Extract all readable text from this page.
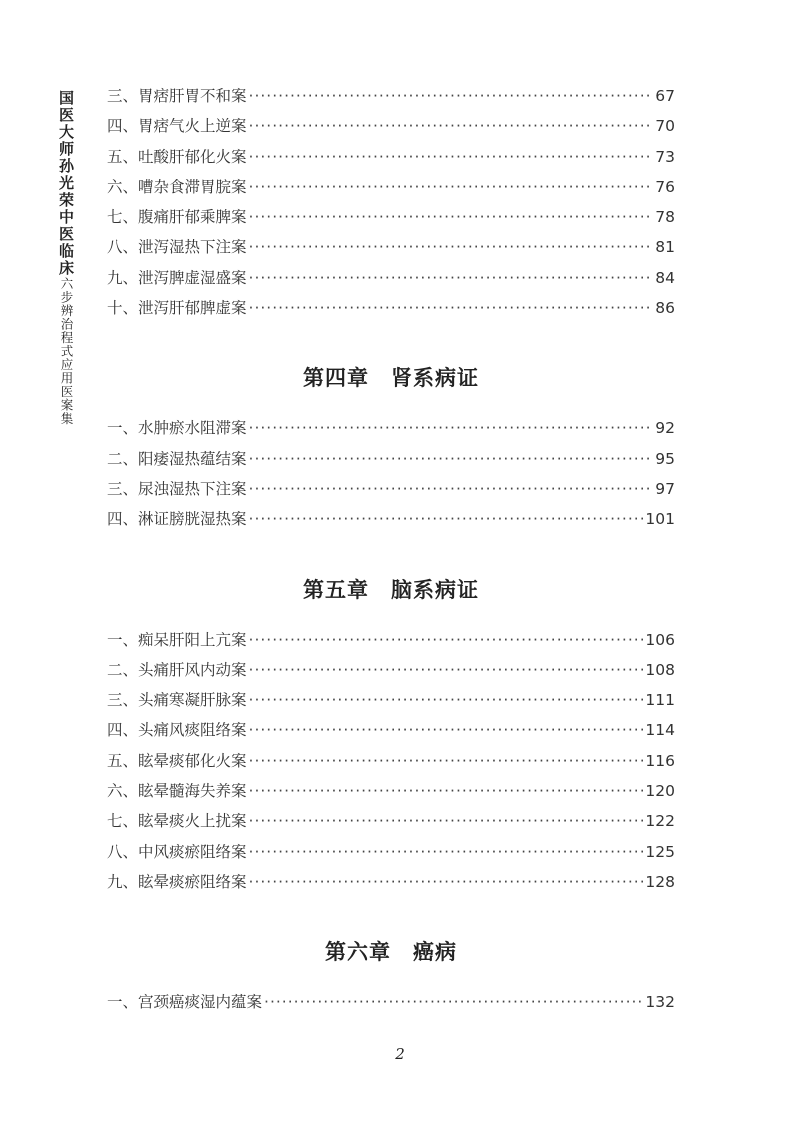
国医大师孙光荣中医临床六步辨治程式应用医案集
三、胃痞肝胃不和案 ·····	67
四、胃痞气火上逆案 ·····	70
五、吐酸肝郁化火案 ·····	73
六、嘈杂食滞胃脘案 ·····	76
七、腹痛肝郁乘脾案 ·····	78
八、泄泻湿热下注案 ·····	81
九、泄泻脾虚湿盛案 ·····	84
十、泄泻肝郁脾虚案 ·····	86
第四章 肾系病证
一、水肿瘀水阻滞案 ·····	92
二、阳痿湿热蕴结案 ·····	95
三、尿浊湿热下注案 ·····	97
四、淋证膀胱湿热案 ·····	101
第五章 脑系病证
一、痴呆肝阳上亢案 ·····	106
二、头痛肝风内动案 ·····	108
三、头痛寒凝肝脉案 ·····	111
四、头痛风痰阻络案 ·····	114
五、眩晕痰郁化火案 ·····	116
六、眩晕髓海失养案 ·····	120
七、眩晕痰火上扰案 ·····	122
八、中风痰瘀阻络案 ·····	125
九、眩晕痰瘀阻络案 ·····	128
第六章 癌病
一、宫颈癌痰湿内蕴案 ·····	132
2
